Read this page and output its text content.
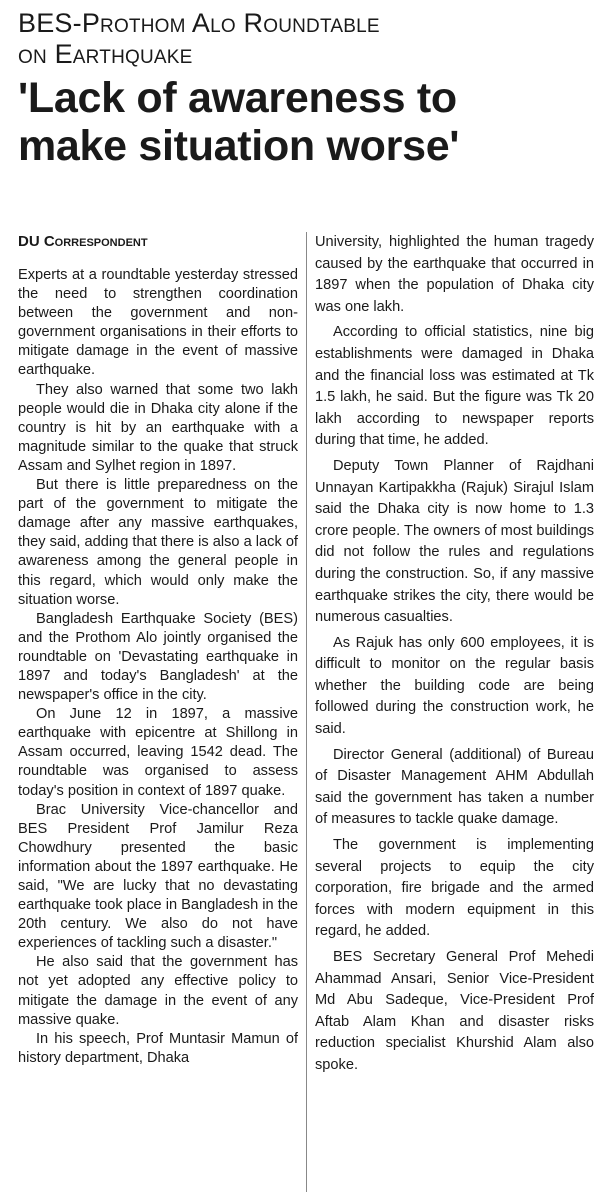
BES-Prothom Alo Roundtable
on Earthquake
'Lack of awareness to
make situation worse'
DU Correspondent

Experts at a roundtable yesterday stressed the need to strengthen coordination between the government and non-government organisations in their efforts to mitigate damage in the event of massive earthquake.

They also warned that some two lakh people would die in Dhaka city alone if the country is hit by an earthquake with a magnitude similar to the quake that struck Assam and Sylhet region in 1897.

But there is little preparedness on the part of the government to mitigate the damage after any massive earthquakes, they said, adding that there is also a lack of awareness among the general people in this regard, which would only make the situation worse.

Bangladesh Earthquake Society (BES) and the Prothom Alo jointly organised the roundtable on 'Devastating earthquake in 1897 and today's Bangladesh' at the newspaper's office in the city.

On June 12 in 1897, a massive earthquake with epicentre at Shillong in Assam occurred, leaving 1542 dead. The roundtable was organised to assess today's position in context of 1897 quake.

Brac University Vice-chancellor and BES President Prof Jamilur Reza Chowdhury presented the basic information about the 1897 earthquake. He said, "We are lucky that no devastating earthquake took place in Bangladesh in the 20th century. We also do not have experiences of tackling such a disaster."

He also said that the government has not yet adopted any effective policy to mitigate the damage in the event of any massive quake.

In his speech, Prof Muntasir Mamun of history department, Dhaka

University, highlighted the human tragedy caused by the earthquake that occurred in 1897 when the population of Dhaka city was one lakh.

According to official statistics, nine big establishments were damaged in Dhaka and the financial loss was estimated at Tk 1.5 lakh, he said. But the figure was Tk 20 lakh according to newspaper reports during that time, he added.

Deputy Town Planner of Rajdhani Unnayan Kartipakkha (Rajuk) Sirajul Islam said the Dhaka city is now home to 1.3 crore people. The owners of most buildings did not follow the rules and regulations during the construction. So, if any massive earthquake strikes the city, there would be numerous casualties.

As Rajuk has only 600 employees, it is difficult to monitor on the regular basis whether the building code are being followed during the construction work, he said.

Director General (additional) of Bureau of Disaster Management AHM Abdullah said the government has taken a number of measures to tackle quake damage.

The government is implementing several projects to equip the city corporation, fire brigade and the armed forces with modern equipment in this regard, he added.

BES Secretary General Prof Mehedi Ahammad Ansari, Senior Vice-President Md Abu Sadeque, Vice-President Prof Aftab Alam Khan and disaster risks reduction specialist Khurshid Alam also spoke.
